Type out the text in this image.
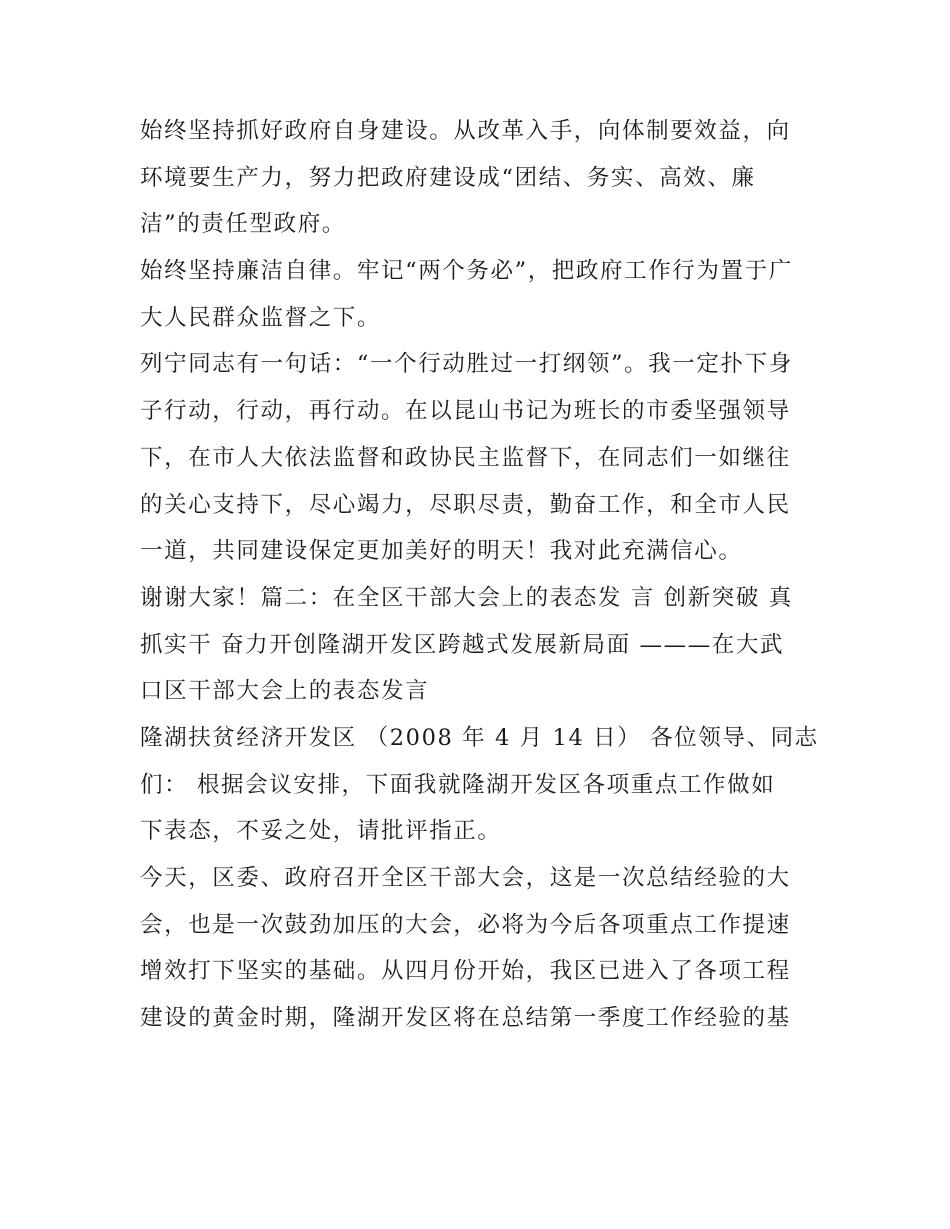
始终坚持抓好政府自身建设。从改革入手，向体制要效益，向
环境要生产力，努力把政府建设成“团结、务实、高效、廉
洁”的责任型政府。
始终坚持廉洁自律。牢记“两个务必”，把政府工作行为置于广
大人民群众监督之下。
列宁同志有一句话：“一个行动胜过一打纲领”。我一定扑下身
子行动，行动，再行动。在以昆山书记为班长的市委坚强领导
下，在市人大依法监督和政协民主监督下，在同志们一如继往
的关心支持下，尽心竭力，尽职尽责，勤奋工作，和全市人民
一道，共同建设保定更加美好的明天！我对此充满信心。
谢谢大家！篇二：在全区干部大会上的表态发 言 创新突破 真
抓实干 奋力开创隆湖开发区跨越式发展新局面 ———在大武
口区干部大会上的表态发言
隆湖扶贫经济开发区 （2008 年 4 月 14 日） 各位领导、同志
们： 根据会议安排，下面我就隆湖开发区各项重点工作做如
下表态，不妥之处，请批评指正。
今天，区委、政府召开全区干部大会，这是一次总结经验的大
会，也是一次鼓劲加压的大会，必将为今后各项重点工作提速
增效打下坚实的基础。从四月份开始，我区已进入了各项工程
建设的黄金时期，隆湖开发区将在总结第一季度工作经验的基
